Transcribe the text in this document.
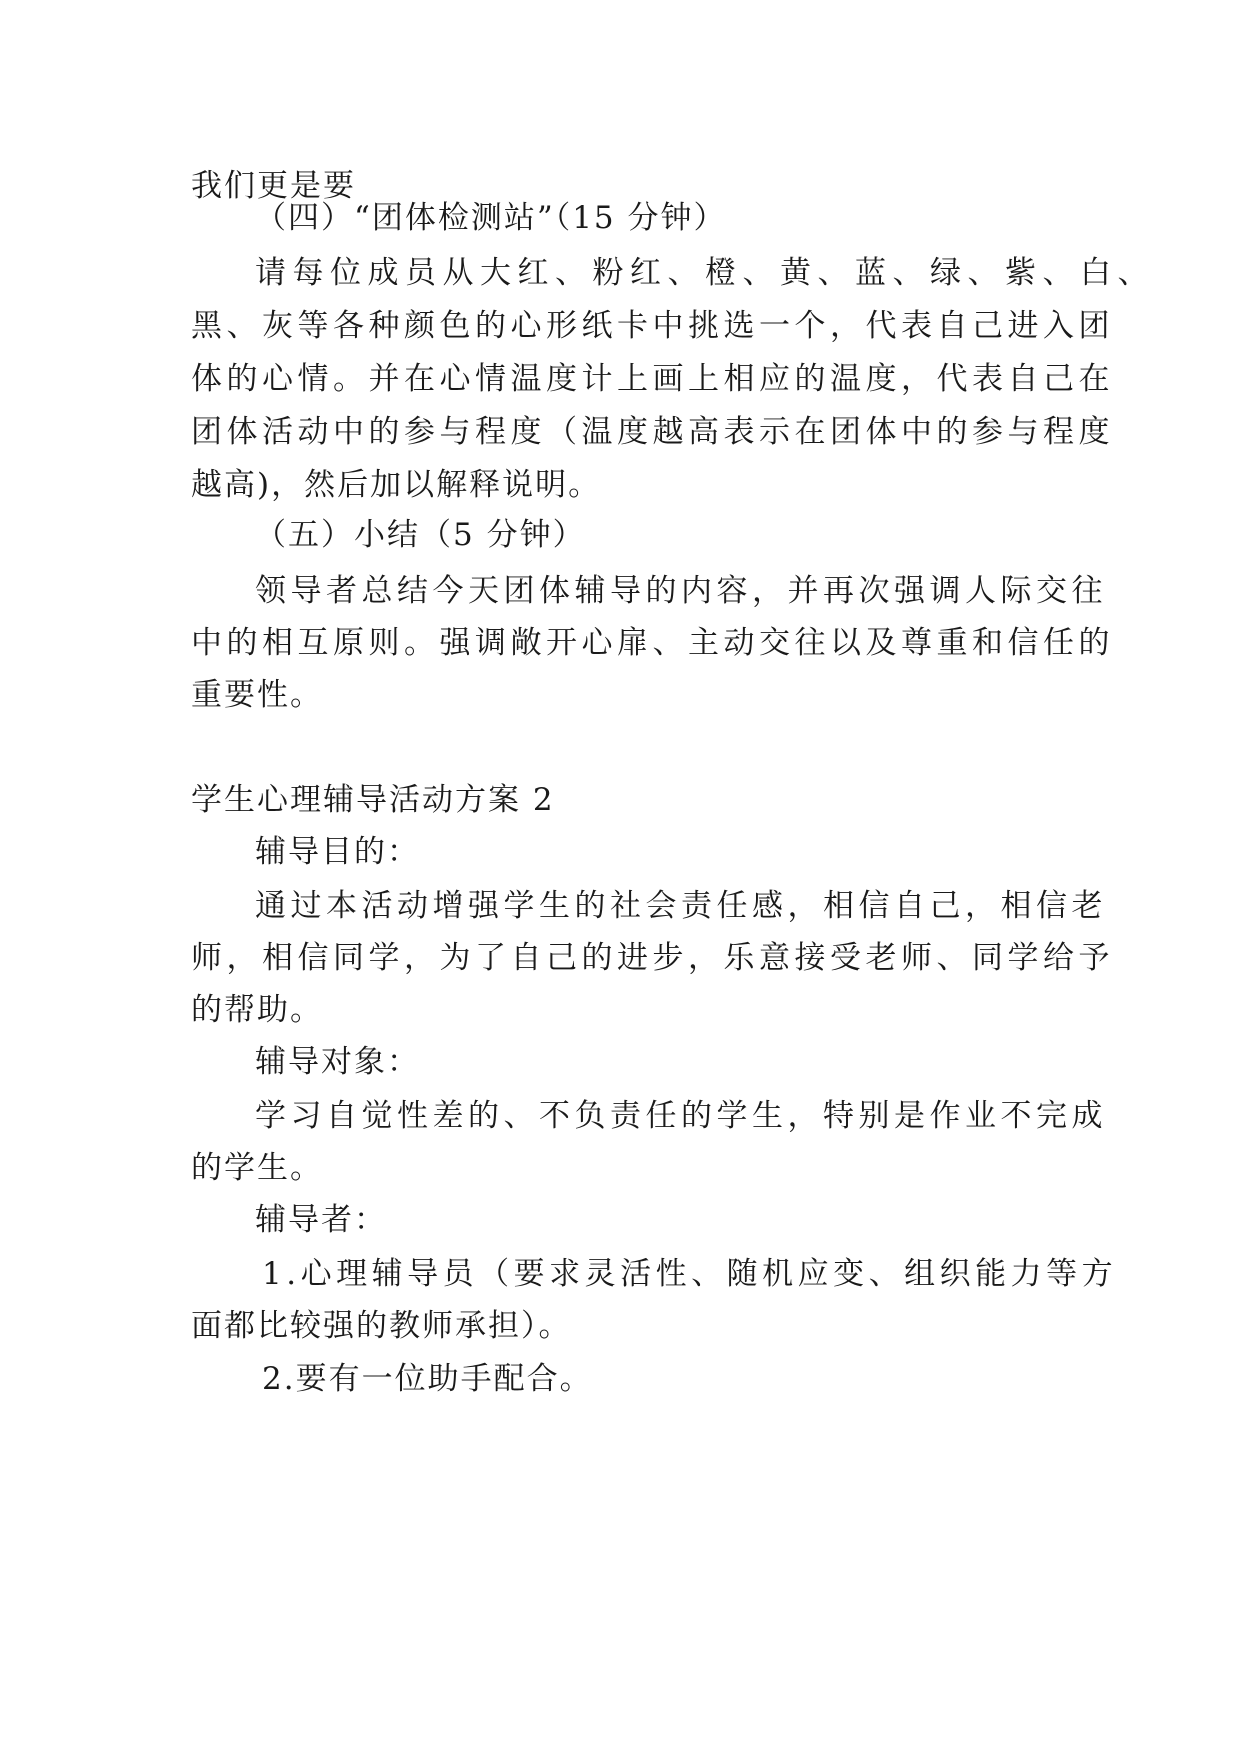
我们更是要
（四）“团体检测站”（15 分钟）
请每位成员从大红、粉红、橙、黄、蓝、绿、紫、白、
黑、灰等各种颜色的心形纸卡中挑选一个，代表自己进入团
体的心情。并在心情温度计上画上相应的温度，代表自己在
团体活动中的参与程度（温度越高表示在团体中的参与程度
越高)，然后加以解释说明。
（五）小结（5 分钟）
领导者总结今天团体辅导的内容，并再次强调人际交往
中的相互原则。强调敞开心扉、主动交往以及尊重和信任的
重要性。
学生心理辅导活动方案 2
辅导目的：
通过本活动增强学生的社会责任感，相信自己，相信老
师，相信同学，为了自己的进步，乐意接受老师、同学给予
的帮助。
辅导对象：
学习自觉性差的、不负责任的学生，特别是作业不完成
的学生。
辅导者：
1.心理辅导员（要求灵活性、随机应变、组织能力等方
面都比较强的教师承担）。
2.要有一位助手配合。
